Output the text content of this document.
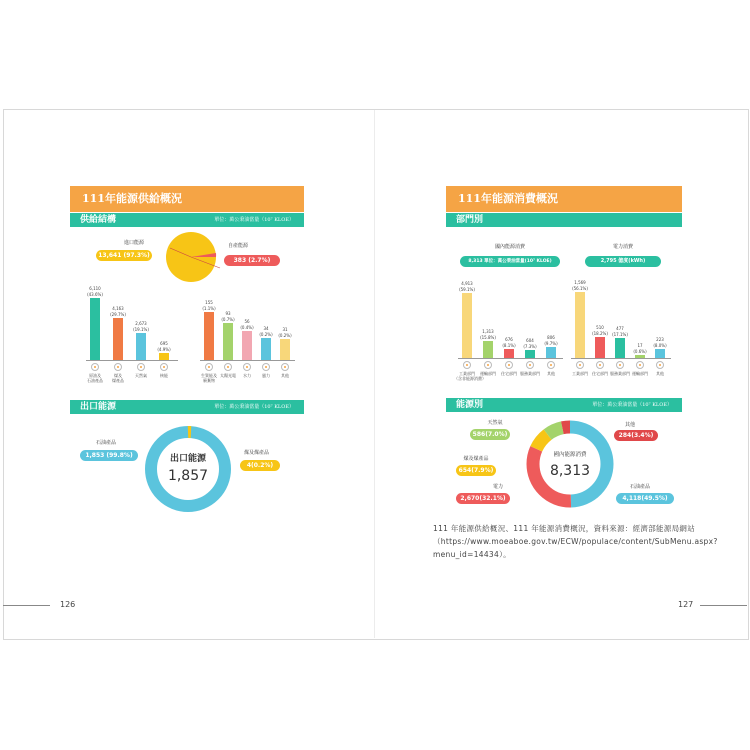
111年能源供給概況
供給結構	單位：萬公秉油當量（10⁷ KLOE）
進口能源
13,641 (97.3%)
自產能源
383 (2.7%)
6,110
(43.6%)
原油及
石油產品
4,163
(29.7%)
煤及
煤產品
2,673
(19.1%)
天然氣
695
(4.9%)
核能
155
(1.1%)
生質能及
廢棄物
93
(0.7%)
太陽光電
56
(0.4%)
水力
34
(0.2%)
風力
31
(0.2%)
其他
出口能源	單位：萬公秉油當量（10⁷ KLOE）
出口能源
1,857
石油產品
1,853 (99.8%)	煤及煤產品
4(0.2%)
126
111年能源消費概況
部門別
國內能源消費
8,313 單位：萬公秉油當量(10⁷ KLOE)
電力消費
2,795 億度(kWh)
4,913
(59.1%)
工業部門
（含非能源消費）
1,313
(15.8%)
運輸部門
676
(8.1%)
住宅部門
604
(7.3%)
服務業部門
806
(9.7%)
其他
1,569
(56.1%)
工業部門
510
(18.2%)
住宅部門
477
(17.1%)
服務業部門
17
(0.6%)
運輸部門
223
(8.0%)
其他
能源別	單位：萬公秉油當量（10⁷ KLOE）
國內能源消費
8,313
天然氣
586(7.0%)
煤及煤產品
654(7.9%)
電力
2,670(32.1%)
其他
284(3.4%)
石油產品
4,118(49.5%)
111 年能源供給概況、111 年能源消費概況，資料來源：經濟部能源局網站（https://www.moeaboe.gov.tw/ECW/populace/content/SubMenu.aspx?menu_id=14434）。
127
